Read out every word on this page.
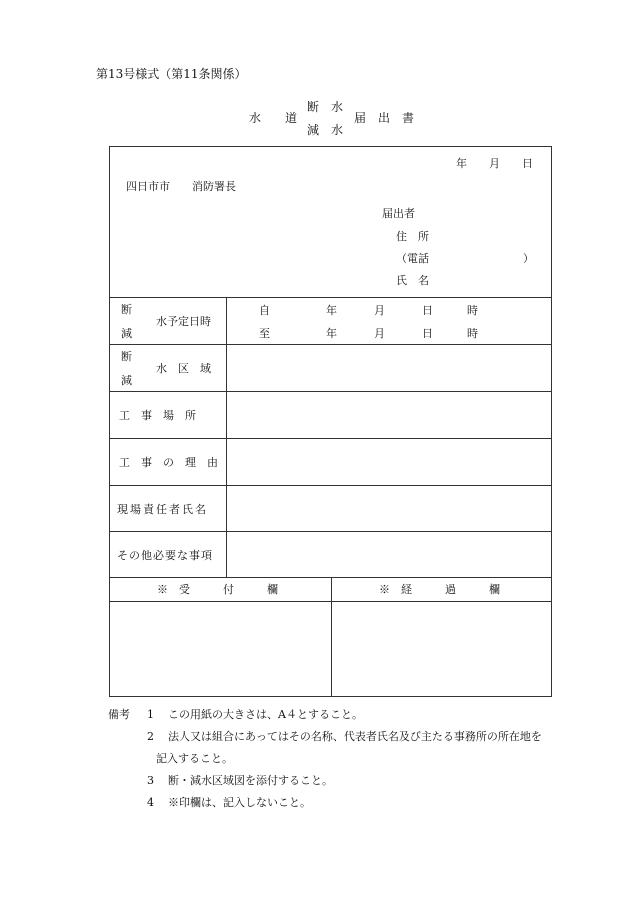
第13号様式（第11条関係）
水　　道
断　水
減　水
届　出　書
年　　月　　日
四日市市　　消防署長
届出者
住　所
（電話	）
氏　名
断
減
水予定日時
自	年	月	日	時
至	年	月	日	時
断
減
水　区　域
工　事　場　所
工　事　の　理　由
現場責任者氏名
その他必要な事項
※　受　　　付　　　欄	※　経　　　過　　　欄
備考 1 この用紙の大きさは、A４とすること。
2 法人又は組合にあってはその名称、代表者氏名及び主たる事務所の所在地を
記入すること。
3 断・減水区域図を添付すること。
4 ※印欄は、記入しないこと。
